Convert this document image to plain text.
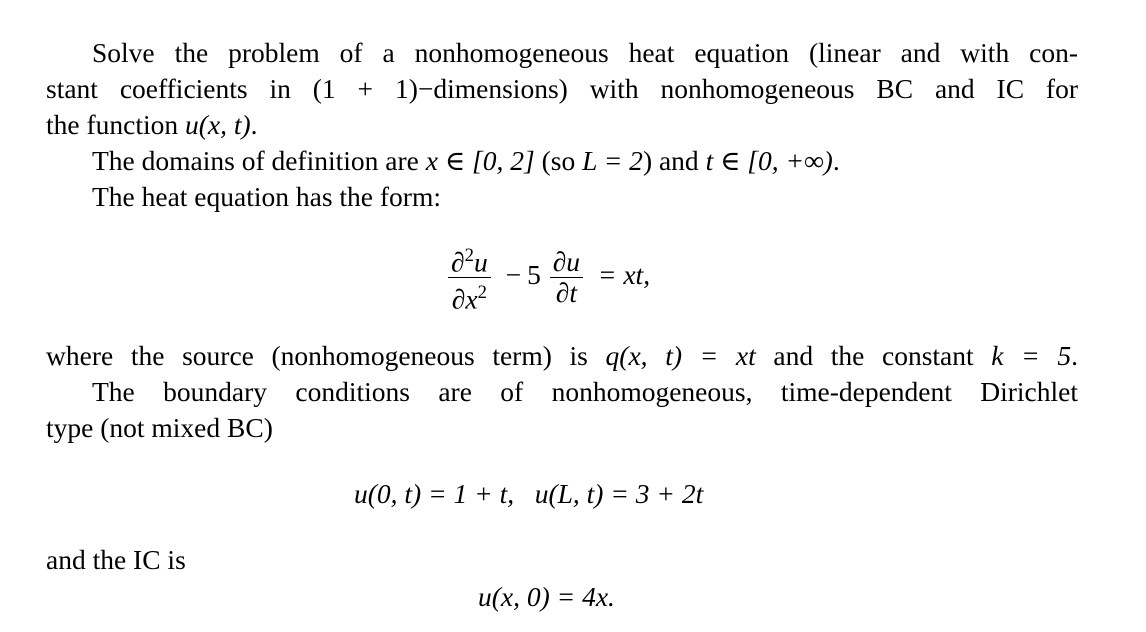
Solve the problem of a nonhomogeneous heat equation (linear and with con-
stant coefficients in (1 + 1)−dimensions) with nonhomogeneous BC and IC for
the function u(x, t).
The domains of definition are x ∈ [0, 2] (so L = 2) and t ∈ [0, +∞).
The heat equation has the form:
$\frac{\partial^2u}{\partial x^2} - 5 \frac{\partial u}{\partial t}$ = xt,
where the source (nonhomogeneous term) is q(x, t) = xt and the constant k = 5.
The boundary conditions are of nonhomogeneous, time-dependent Dirichlet
type (not mixed BC)
u(0, t) = 1 + t,   u(L, t) = 3 + 2t
and the IC is
u(x, 0) = 4x.
